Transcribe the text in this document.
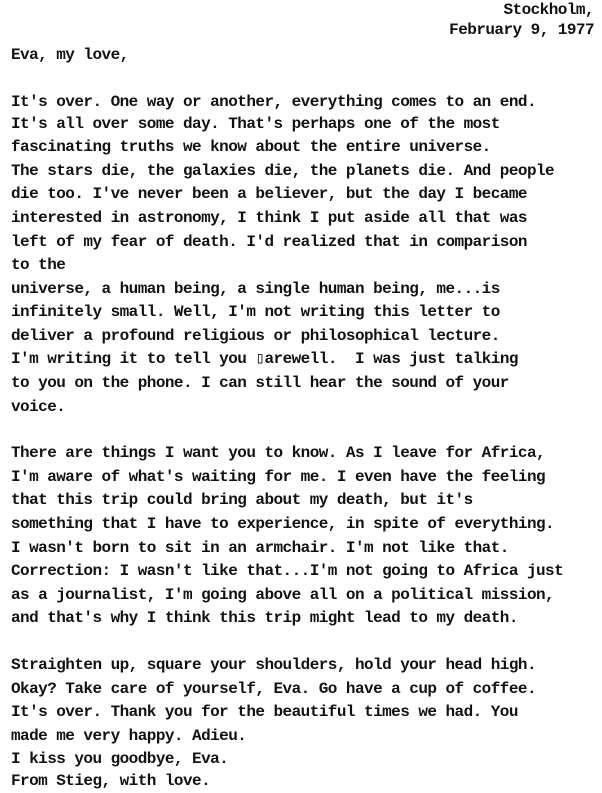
Stockholm,
February 9, 1977
Eva, my love,
It's over. One way or another, everything comes to an end.
It's all over some day. That's perhaps one of the most
fascinating truths we know about the entire universe.
The stars die, the galaxies die, the planets die. And people
die too. I've never been a believer, but the day I became
interested in astronomy, I think I put aside all that was
left of my fear of death. I'd realized that in comparison
to the
universe, a human being, a single human being, me...is
infinitely small. Well, I'm not writing this letter to
deliver a profound religious or philosophical lecture.
I'm writing it to tell you ▯arewell.  I was just talking
to you on the phone. I can still hear the sound of your
voice.
There are things I want you to know. As I leave for Africa,
I'm aware of what's waiting for me. I even have the feeling
that this trip could bring about my death, but it's
something that I have to experience, in spite of everything.
I wasn't born to sit in an armchair. I'm not like that.
Correction: I wasn't like that...I'm not going to Africa just
as a journalist, I'm going above all on a political mission,
and that's why I think this trip might lead to my death.
Straighten up, square your shoulders, hold your head high.
Okay? Take care of yourself, Eva. Go have a cup of coffee.
It's over. Thank you for the beautiful times we had. You
made me very happy. Adieu.
I kiss you goodbye, Eva.
From Stieg, with love.
